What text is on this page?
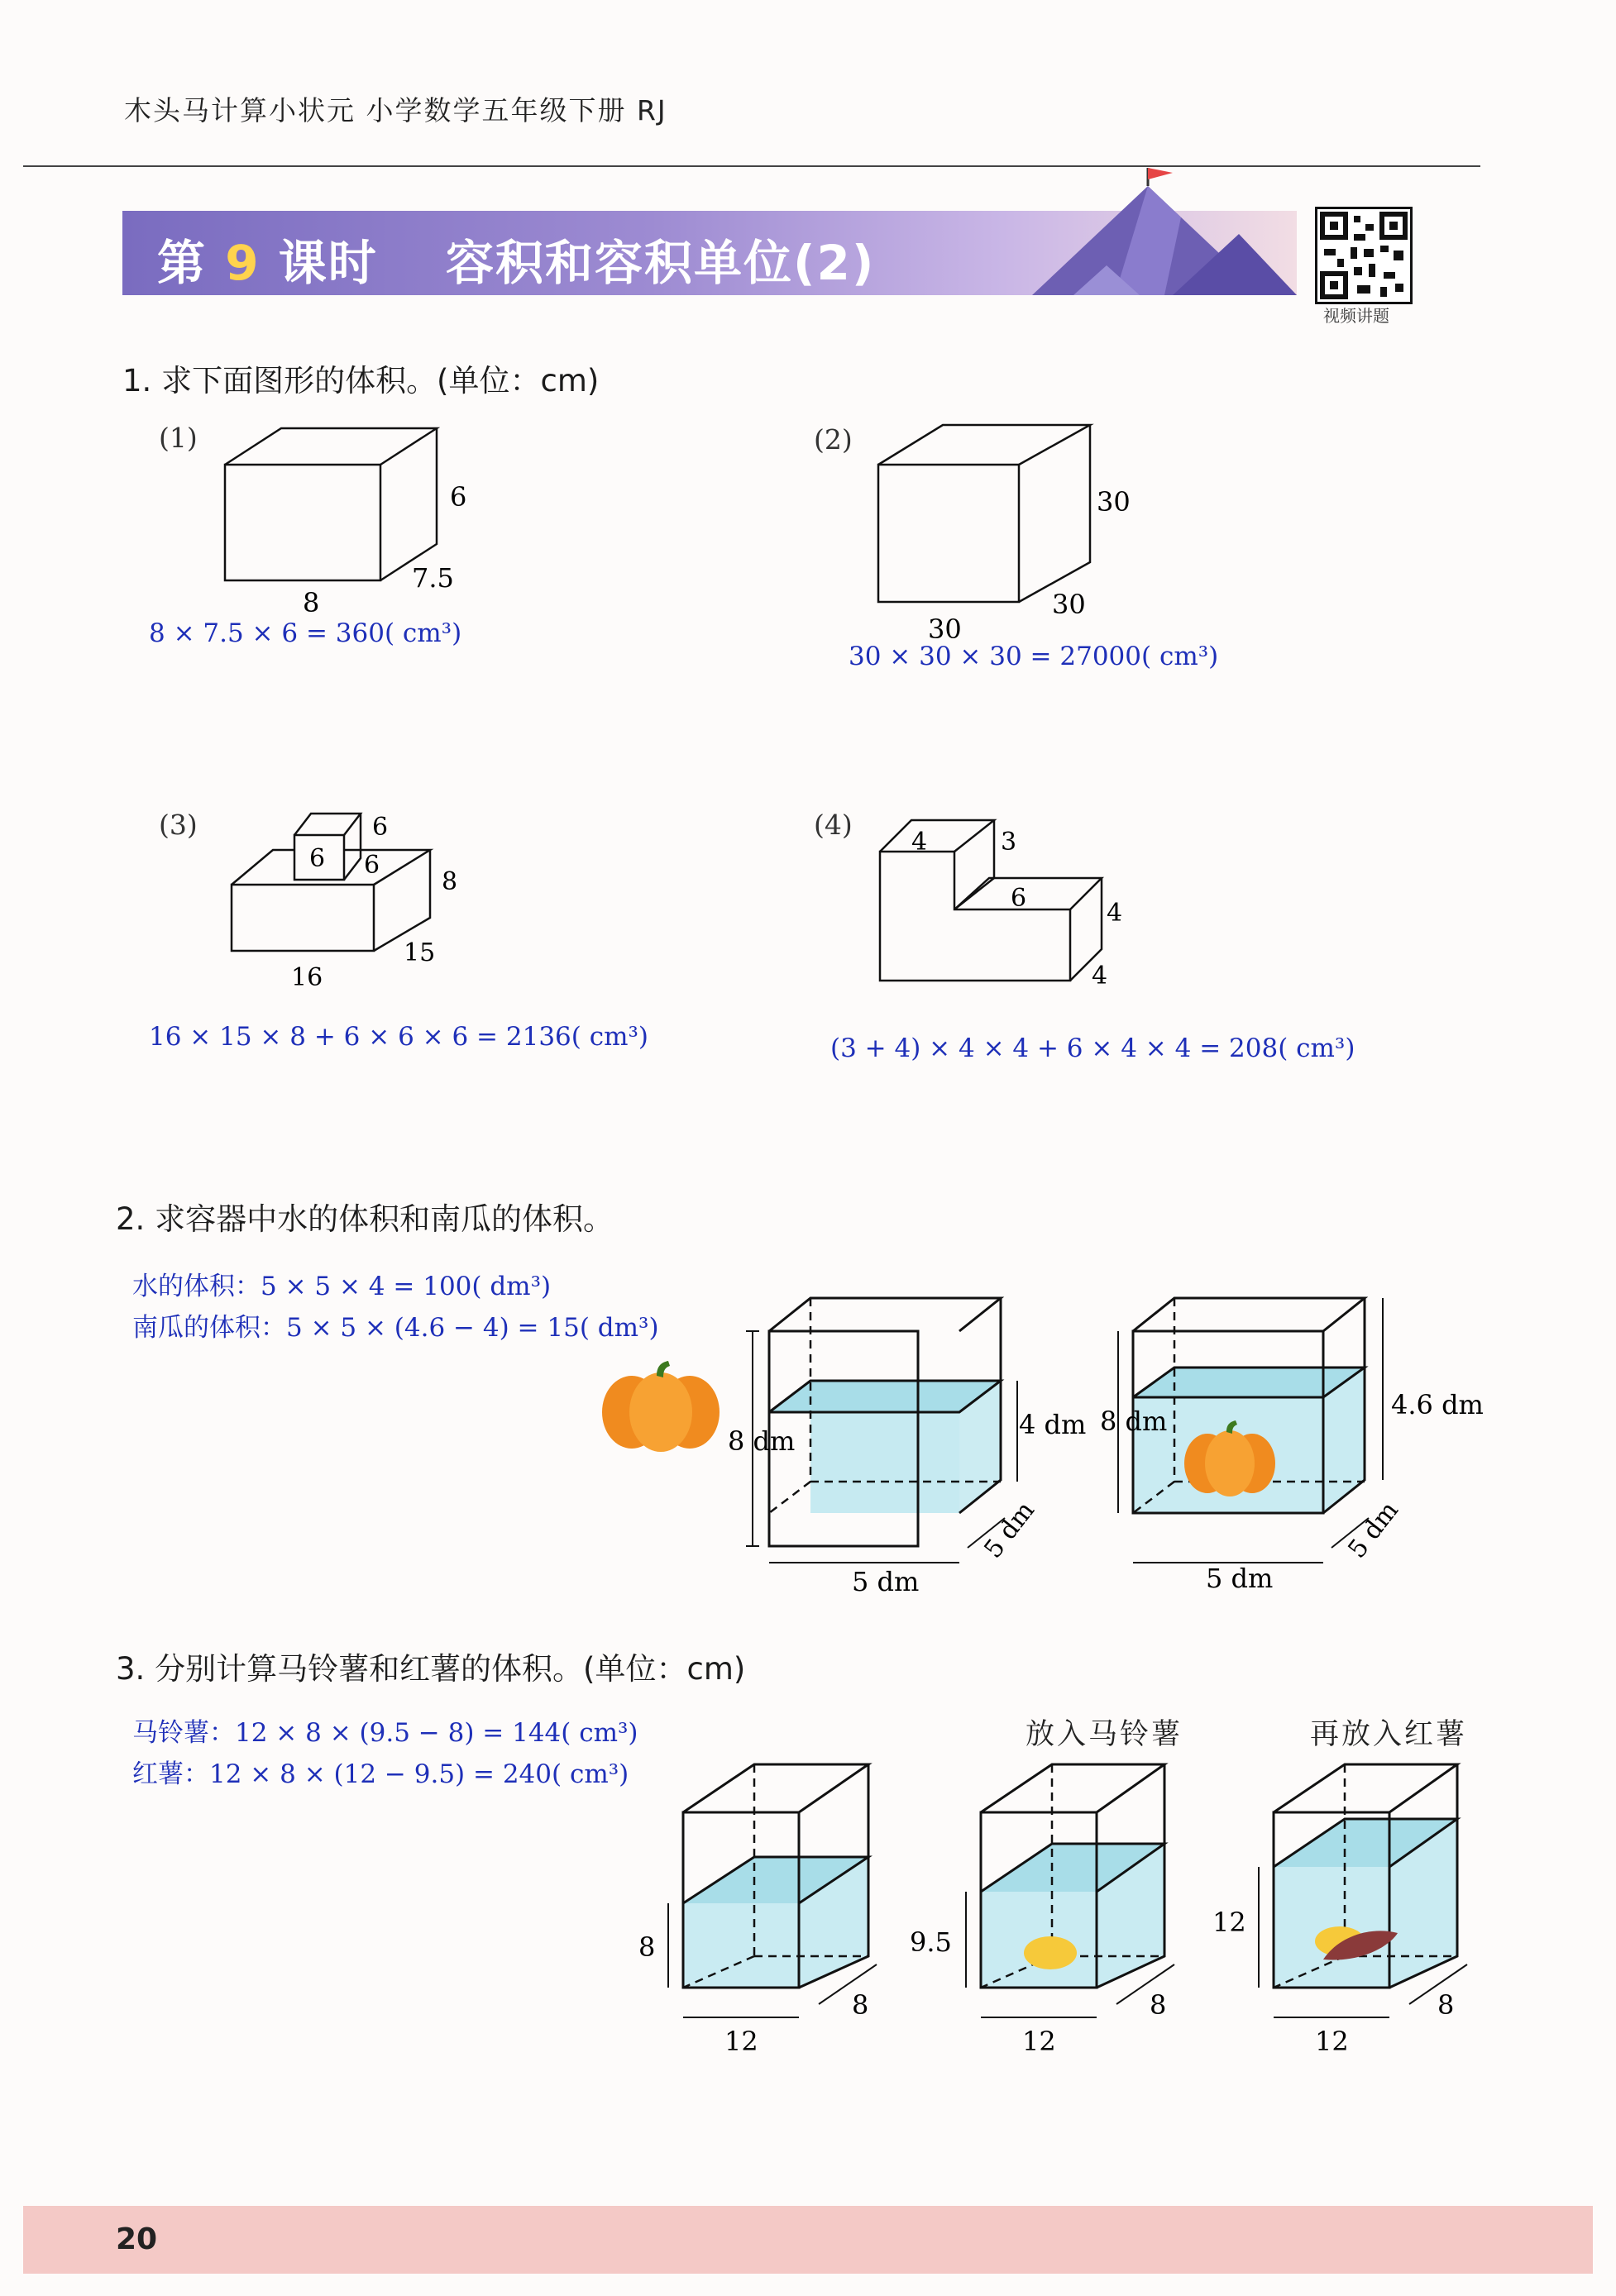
木头马计算小状元 小学数学五年级下册 RJ
第 9 课时 容积和容积单位(2)
视频讲题
1. 求下面图形的体积。(单位：cm)
(1)
6
7.5
8
8 × 7.5 × 6 = 360( cm³)
(2)
30
30
30
30 × 30 × 30 = 27000( cm³)
(3)	6
6 6
8
15
16
16 × 15 × 8 + 6 × 6 × 6 = 2136( cm³)
(4)
4	3
6
4
4
(3 + 4) × 4 × 4 + 6 × 4 × 4 = 208( cm³)
2. 求容器中水的体积和南瓜的体积。
水的体积：5 × 5 × 4 = 100( dm³)
南瓜的体积：5 × 5 × (4.6 − 4) = 15( dm³)
8 dm
4 dm
5 dm
5 dm
8 dm
4.6 dm
5 dm
5 dm
3. 分别计算马铃薯和红薯的体积。(单位：cm)
马铃薯：12 × 8 × (9.5 − 8) = 144( cm³)
红薯：12 × 8 × (12 − 9.5) = 240( cm³)
放入马铃薯	再放入红薯
8
8
12
9.5
8
12
12
8
12
20
